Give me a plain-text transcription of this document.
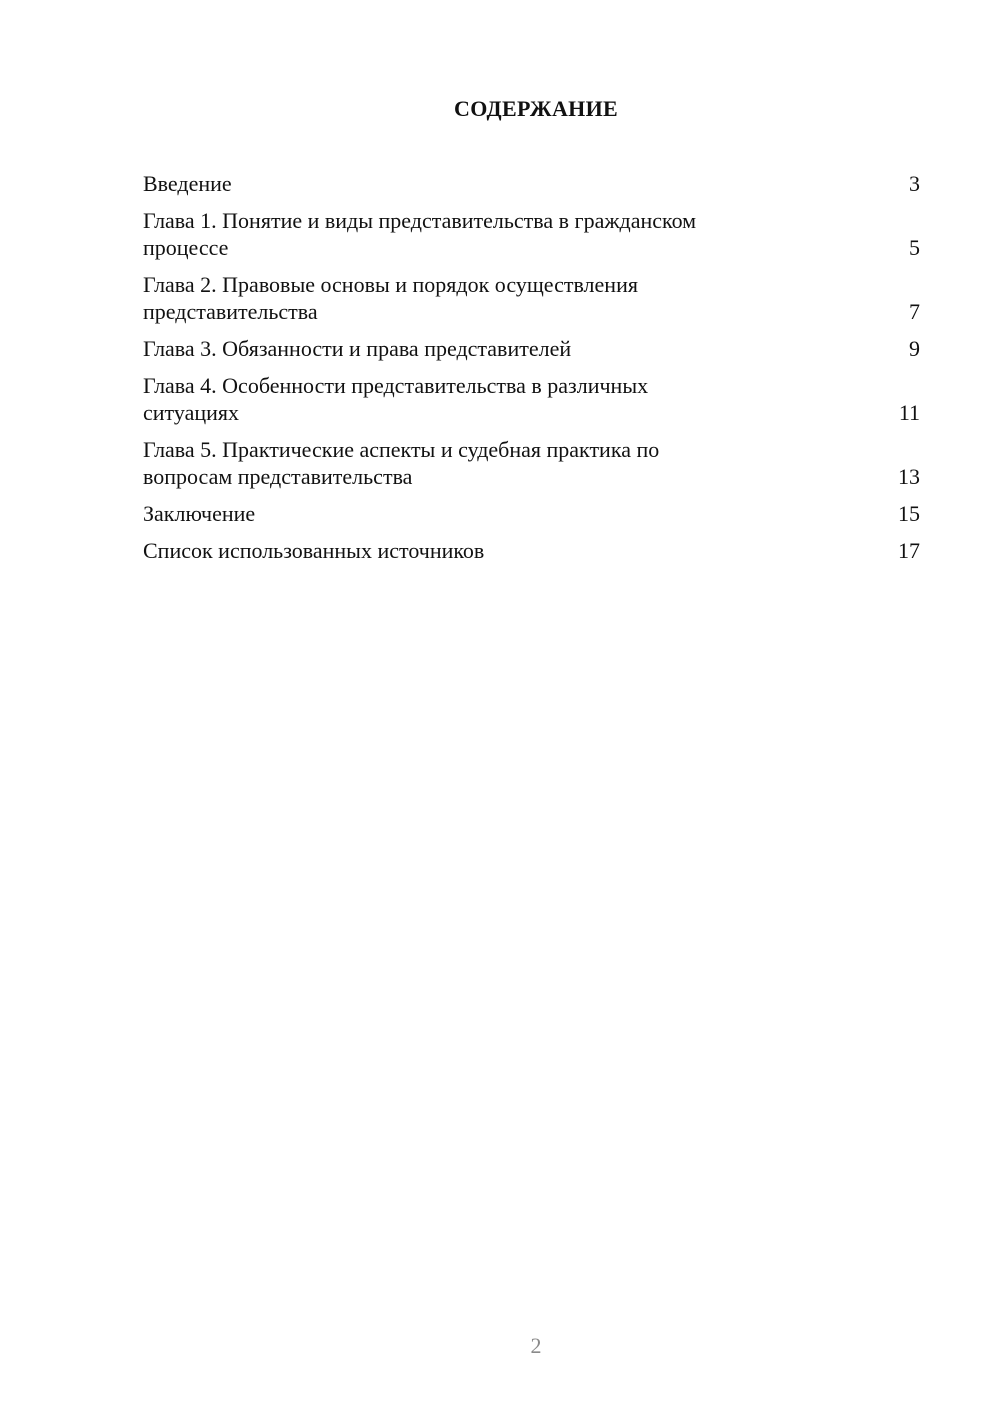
СОДЕРЖАНИЕ
Введение	3
Глава 1. Понятие и виды представительства в гражданском
процессе	5
Глава 2. Правовые основы и порядок осуществления
представительства	7
Глава 3. Обязанности и права представителей	9
Глава 4. Особенности представительства в различных
ситуациях	11
Глава 5. Практические аспекты и судебная практика по
вопросам представительства	13
Заключение	15
Список использованных источников	17
2
